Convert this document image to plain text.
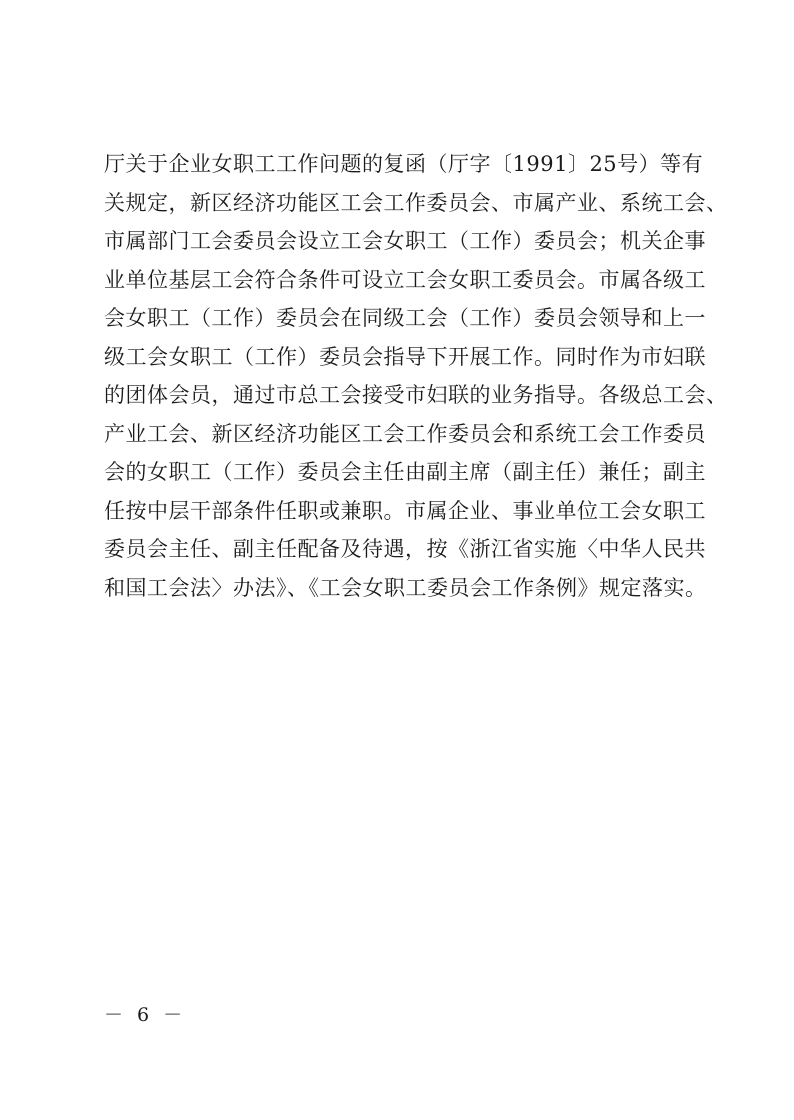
厅关于企业女职工工作问题的复函（厅字〔1991〕25号）等有
关规定，新区经济功能区工会工作委员会、市属产业、系统工会、
市属部门工会委员会设立工会女职工（工作）委员会；机关企事
业单位基层工会符合条件可设立工会女职工委员会。市属各级工
会女职工（工作）委员会在同级工会（工作）委员会领导和上一
级工会女职工（工作）委员会指导下开展工作。同时作为市妇联
的团体会员，通过市总工会接受市妇联的业务指导。各级总工会、
产业工会、新区经济功能区工会工作委员会和系统工会工作委员
会的女职工（工作）委员会主任由副主席（副主任）兼任；副主
任按中层干部条件任职或兼职。市属企业、事业单位工会女职工
委员会主任、副主任配备及待遇，按《浙江省实施〈中华人民共
和国工会法〉办法》、《工会女职工委员会工作条例》规定落实。
－ 6 －
